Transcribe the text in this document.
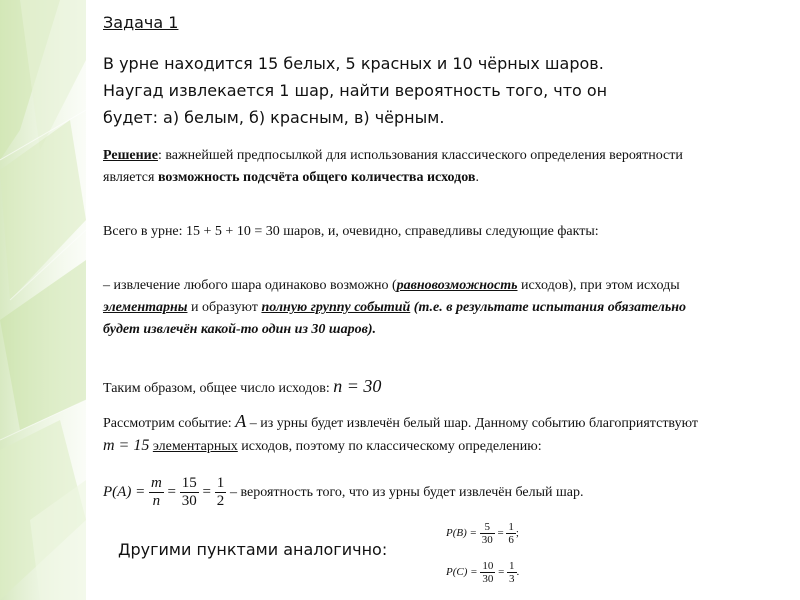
Задача 1
В урне находится 15 белых, 5 красных и 10 чёрных шаров.
Наугад извлекается 1 шар, найти вероятность того, что он
будет: а) белым, б) красным, в) чёрным.
Решение: важнейшей предпосылкой для использования классического определения вероятности является возможность подсчёта общего количества исходов.
Всего в урне: 15 + 5 + 10 = 30 шаров, и, очевидно, справедливы следующие факты:
– извлечение любого шара одинаково возможно (равновозможность исходов), при этом исходы элементарны и образуют полную группу событий (т.е. в результате испытания обязательно будет извлечён какой-то один из 30 шаров).
Таким образом, общее число исходов: n = 30
Рассмотрим событие: A – из урны будет извлечён белый шар. Данному событию благоприятствуют m = 15 элементарных исходов, поэтому по классическому определению:
$P(A) = \frac{m}{n} = \frac{15}{30} = \frac{1}{2}$ – вероятность того, что из урны будет извлечён белый шар.
Другими пунктами аналогично:
$P(B) = \frac{5}{30} = \frac{1}{6}$ ;
$P(C) = \frac{10}{30} = \frac{1}{3}$ .
